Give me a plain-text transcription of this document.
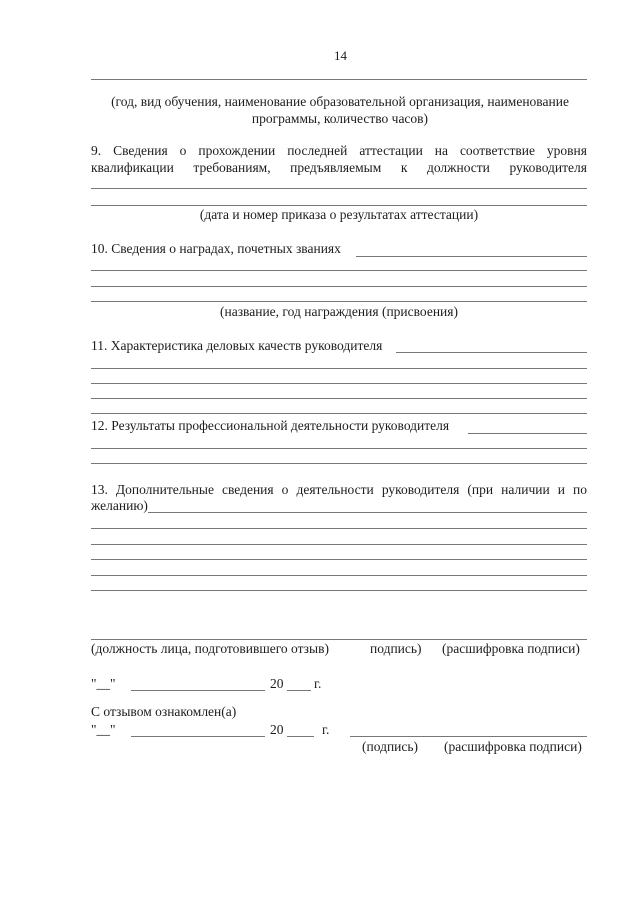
14
(год, вид обучения, наименование образовательной организация, наименование
программы, количество часов)
9. Сведения о прохождении последней аттестации на соответствие уровня
квалификации требованиям, предъявляемым к должности руководителя
(дата и номер приказа о результатах аттестации)
10. Сведения о наградах, почетных званиях
(название, год награждения (присвоения)
11. Характеристика деловых качеств руководителя
12. Результаты профессиональной деятельности руководителя
13. Дополнительные сведения о деятельности руководителя (при наличии и по
желанию)
(должность лица, подготовившего отзыв)	подпись) (расшифровка подписи)
"__"	20 г.
С отзывом ознакомлен(а)
"__"	20	г.
(подпись) (расшифровка подписи)
